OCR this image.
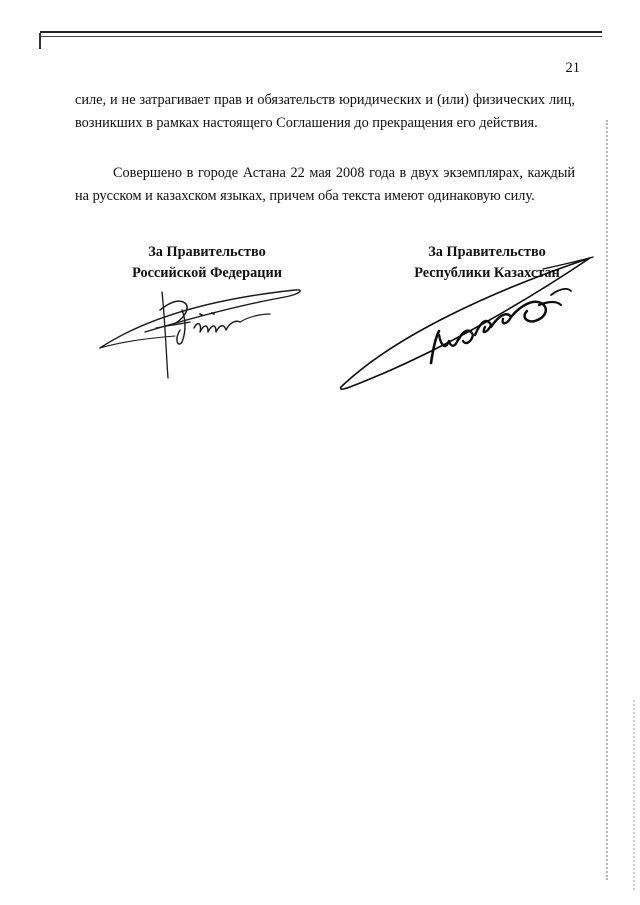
21

силе, и не затрагивает прав и обязательств юридических и (или) физических лиц, возникших в рамках настоящего Соглашения до прекращения его действия.

Совершено в городе Астана 22 мая 2008 года в двух экземплярах, каждый на русском и казахском языках, причем оба текста имеют одинаковую силу.

За Правительство
Российской Федерации
За Правительство
Республики Казахстан
